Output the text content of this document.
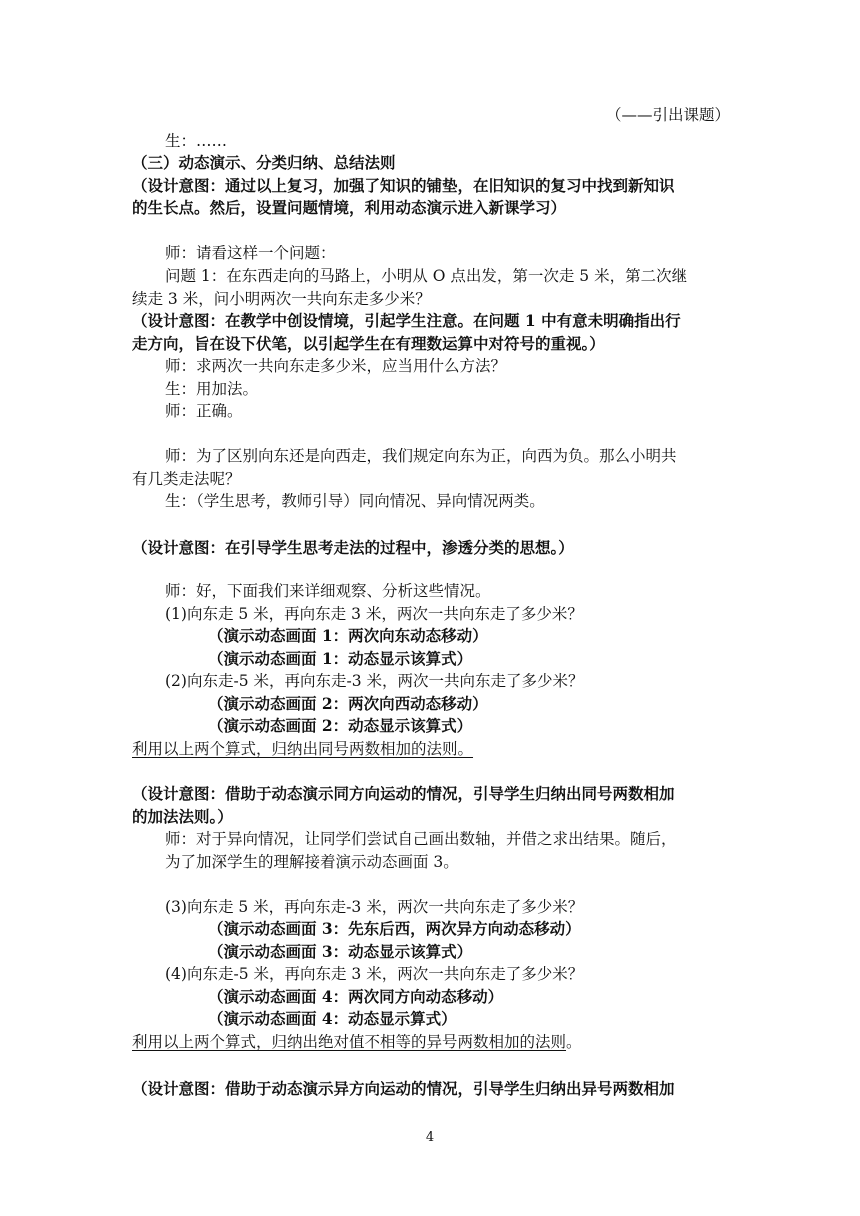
（——引出课题）
生：……
（三）动态演示、分类归纳、总结法则
（设计意图：通过以上复习，加强了知识的铺垫，在旧知识的复习中找到新知识
的生长点。然后，设置问题情境，利用动态演示进入新课学习）
师：请看这样一个问题：
问题 1：在东西走向的马路上，小明从 O 点出发，第一次走 5 米，第二次继
续走 3 米，问小明两次一共向东走多少米？
（设计意图：在教学中创设情境，引起学生注意。在问题 1 中有意未明确指出行
走方向，旨在设下伏笔，以引起学生在有理数运算中对符号的重视。）
师：求两次一共向东走多少米，应当用什么方法？
生：用加法。
师：正确。
师：为了区别向东还是向西走，我们规定向东为正，向西为负。那么小明共
有几类走法呢？
生：（学生思考，教师引导）同向情况、异向情况两类。
（设计意图：在引导学生思考走法的过程中，渗透分类的思想。）
师：好，下面我们来详细观察、分析这些情况。
(1)向东走 5 米，再向东走 3 米，两次一共向东走了多少米？
（演示动态画面 1：两次向东动态移动）
（演示动态画面 1：动态显示该算式）
(2)向东走-5 米，再向东走-3 米，两次一共向东走了多少米？
（演示动态画面 2：两次向西动态移动）
（演示动态画面 2：动态显示该算式）
利用以上两个算式，归纳出同号两数相加的法则。
（设计意图：借助于动态演示同方向运动的情况，引导学生归纳出同号两数相加
的加法法则。）
师：对于异向情况，让同学们尝试自己画出数轴，并借之求出结果。随后，
为了加深学生的理解接着演示动态画面 3。
(3)向东走 5 米，再向东走-3 米，两次一共向东走了多少米？
（演示动态画面 3：先东后西，两次异方向动态移动）
（演示动态画面 3：动态显示该算式）
(4)向东走-5 米，再向东走 3 米，两次一共向东走了多少米？
（演示动态画面 4：两次同方向动态移动）
（演示动态画面 4：动态显示算式）
利用以上两个算式，归纳出绝对值不相等的异号两数相加的法则。
（设计意图：借助于动态演示异方向运动的情况，引导学生归纳出异号两数相加
4
